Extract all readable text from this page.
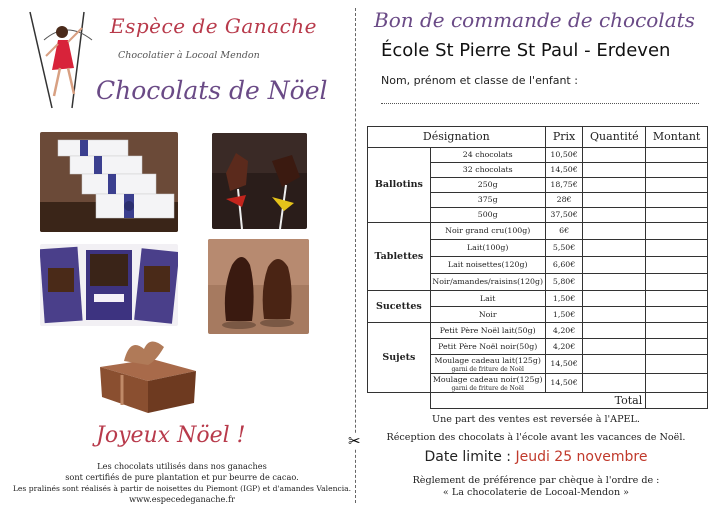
Espèce de Ganache
Chocolatier à Locoal Mendon
Chocolats de Nöel
Joyeux Nöel !
Les chocolats utilisés dans nos ganaches
sont certifiés de pure plantation et pur beurre de cacao.
Les pralinés sont réalisés à partir de noisettes du Piemont (IGP) et d'amandes Valencia.
www.especedeganache.fr
✂
Bon de commande de chocolats
École St Pierre St Paul - Erdeven
Nom, prénom et classe de l'enfant :
Désignation		Prix	Quantité	Montant
Ballotins	24 chocolats	10,50€		
	32 chocolats	14,50€		
	250g	18,75€		
	375g	28€		
	500g	37,50€		
Tablettes	Noir grand cru(100g)	6€		
	Lait(100g)	5,50€		
	Lait noisettes(120g)	6,60€		
	Noir/amandes/raisins(120g)	5,80€		
Sucettes	Lait	1,50€		
	Noir	1,50€		
Sujets	Petit Père Noël lait(50g)	4,20€		
	Petit Père Noël noir(50g)	4,20€		
	Moulage cadeau lait(125g)
garni de friture de Noël	14,50€		
	Moulage cadeau noir(125g)
garni de friture de Noël	14,50€		
	Total			
Une part des ventes est reversée à l'APEL.
Réception des chocolats à l'école avant les vacances de Noël.
Date limite : Jeudi 25 novembre
Règlement de préférence par chèque à l'ordre de :
« La chocolaterie de Locoal-Mendon »
